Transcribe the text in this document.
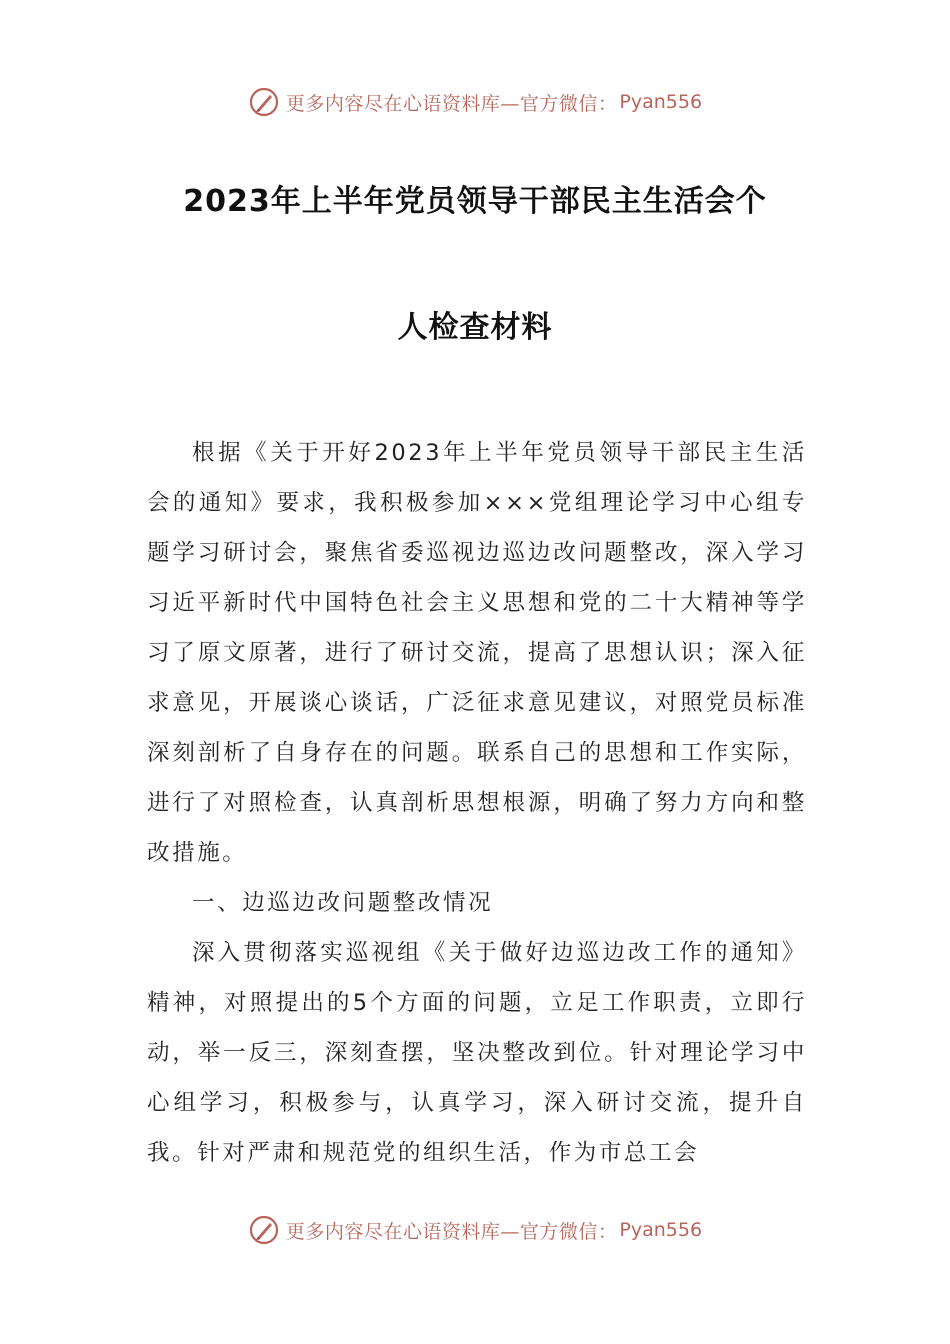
更多内容尽在心语资料库—官方微信： Pyan556
2023年上半年党员领导干部民主生活会个
人检查材料

根据《关于开好2023年上半年党员领导干部民主生活会的通知》要求，我积极参加×××党组理论学习中心组专题学习研讨会，聚焦省委巡视边巡边改问题整改，深入学习习近平新时代中国特色社会主义思想和党的二十大精神等学习了原文原著，进行了研讨交流，提高了思想认识；深入征求意见，开展谈心谈话，广泛征求意见建议，对照党员标准深刻剖析了自身存在的问题。联系自己的思想和工作实际，进行了对照检查，认真剖析思想根源，明确了努力方向和整改措施。

一、边巡边改问题整改情况

深入贯彻落实巡视组《关于做好边巡边改工作的通知》精神，对照提出的5个方面的问题，立足工作职责，立即行动，举一反三，深刻查摆，坚决整改到位。针对理论学习中心组学习，积极参与，认真学习，深入研讨交流，提升自我。针对严肃和规范党的组织生活，作为市总工会

更多内容尽在心语资料库—官方微信： Pyan556
